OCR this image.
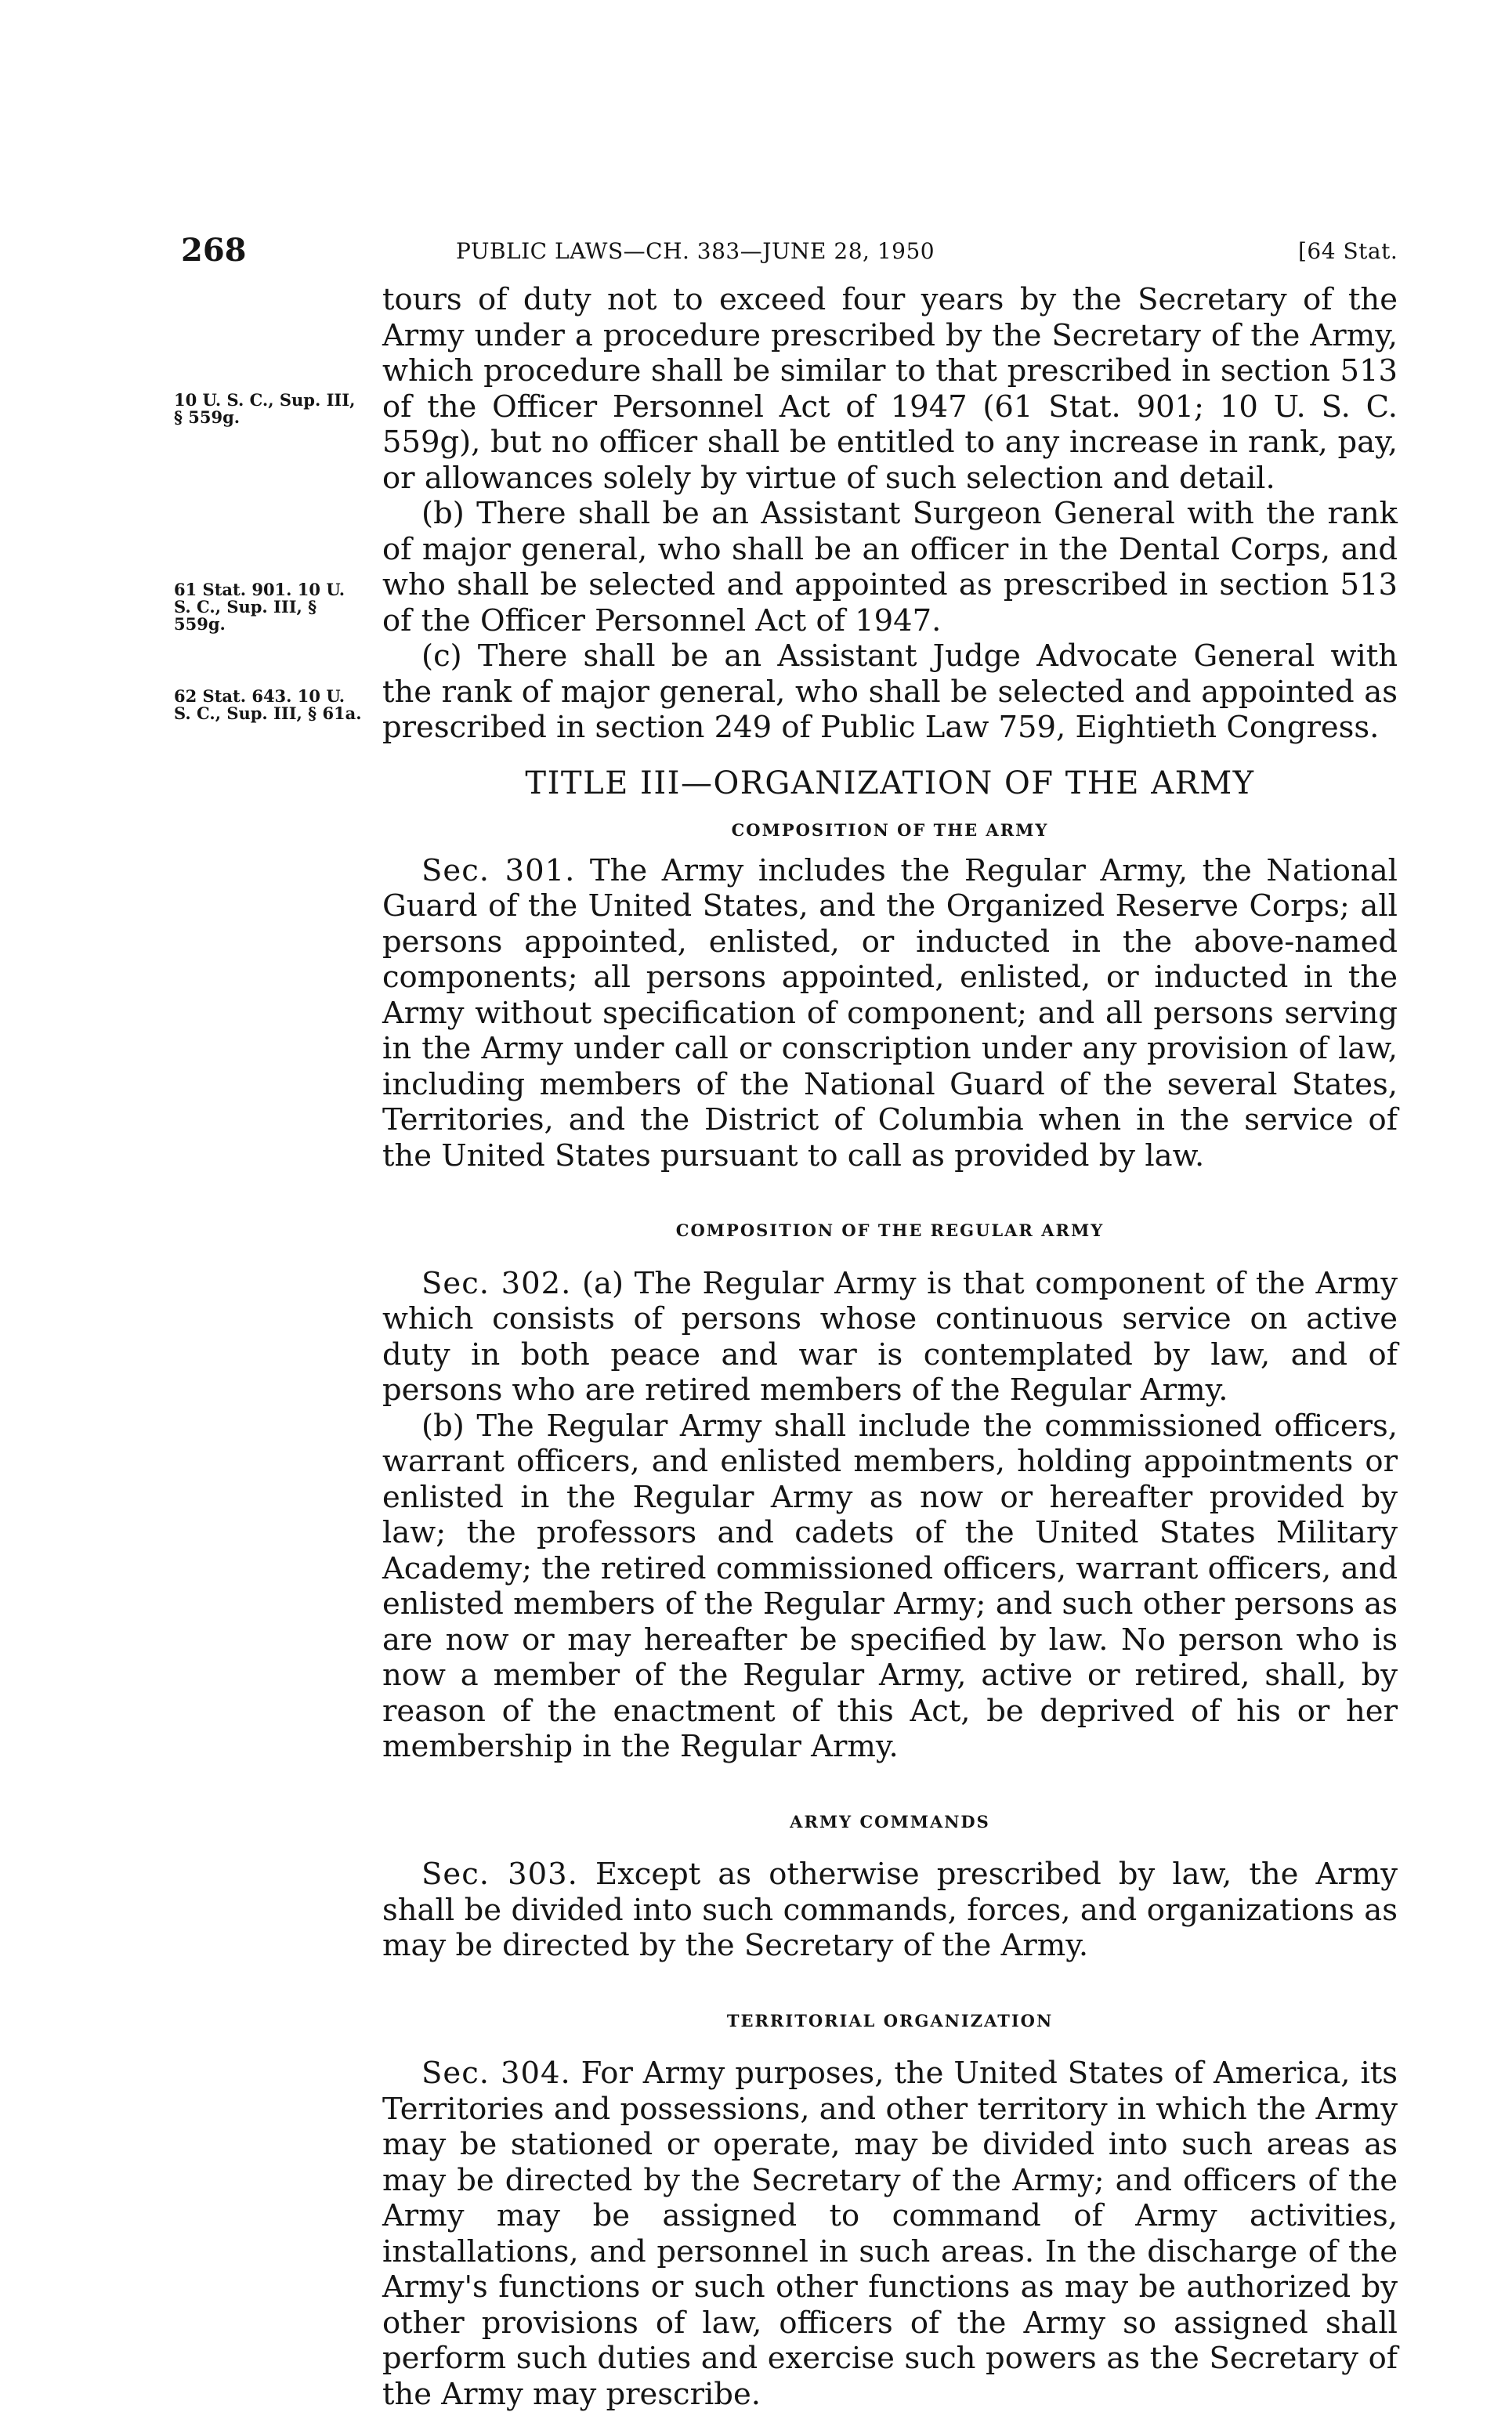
268	PUBLIC LAWS—CH. 383—JUNE 28, 1950	[64 Stat.
10 U. S. C., Sup. III, § 559g.
61 Stat. 901. 10 U. S. C., Sup. III, § 559g.
62 Stat. 643. 10 U. S. C., Sup. III, § 61a.

tours of duty not to exceed four years by the Secretary of the Army under a procedure prescribed by the Secretary of the Army, which procedure shall be similar to that prescribed in section 513 of the Officer Personnel Act of 1947 (61 Stat. 901; 10 U. S. C. 559g), but no officer shall be entitled to any increase in rank, pay, or allowances solely by virtue of such selection and detail.

(b) There shall be an Assistant Surgeon General with the rank of major general, who shall be an officer in the Dental Corps, and who shall be selected and appointed as prescribed in section 513 of the Officer Personnel Act of 1947.

(c) There shall be an Assistant Judge Advocate General with the rank of major general, who shall be selected and appointed as prescribed in section 249 of Public Law 759, Eightieth Congress.

TITLE III—ORGANIZATION OF THE ARMY
COMPOSITION OF THE ARMY

Sec. 301. The Army includes the Regular Army, the National Guard of the United States, and the Organized Reserve Corps; all persons appointed, enlisted, or inducted in the above-named components; all persons appointed, enlisted, or inducted in the Army without specification of component; and all persons serving in the Army under call or conscription under any provision of law, including members of the National Guard of the several States, Territories, and the District of Columbia when in the service of the United States pursuant to call as provided by law.

COMPOSITION OF THE REGULAR ARMY

Sec. 302. (a) The Regular Army is that component of the Army which consists of persons whose continuous service on active duty in both peace and war is contemplated by law, and of persons who are retired members of the Regular Army.

(b) The Regular Army shall include the commissioned officers, warrant officers, and enlisted members, holding appointments or enlisted in the Regular Army as now or hereafter provided by law; the professors and cadets of the United States Military Academy; the retired commissioned officers, warrant officers, and enlisted members of the Regular Army; and such other persons as are now or may hereafter be specified by law. No person who is now a member of the Regular Army, active or retired, shall, by reason of the enactment of this Act, be deprived of his or her membership in the Regular Army.

ARMY COMMANDS

Sec. 303. Except as otherwise prescribed by law, the Army shall be divided into such commands, forces, and organizations as may be directed by the Secretary of the Army.

TERRITORIAL ORGANIZATION

Sec. 304. For Army purposes, the United States of America, its Territories and possessions, and other territory in which the Army may be stationed or operate, may be divided into such areas as may be directed by the Secretary of the Army; and officers of the Army may be assigned to command of Army activities, installations, and personnel in such areas. In the discharge of the Army's functions or such other functions as may be authorized by other provisions of law, officers of the Army so assigned shall perform such duties and exercise such powers as the Secretary of the Army may prescribe.
